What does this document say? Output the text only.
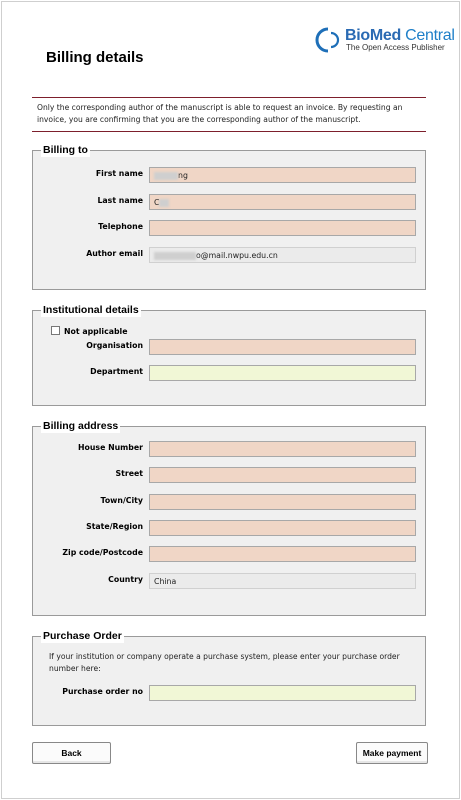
BioMed Central
The Open Access Publisher
Billing details
Only the corresponding author of the manuscript is able to request an invoice. By requesting an invoice, you are confirming that you are the corresponding author of the manuscript.
Billing to
First name	ng
Last name	C
Telephone
Author email	o@mail.nwpu.edu.cn
Institutional details
Not applicable
Organisation
Department
Billing address
House Number
Street
Town/City
State/Region
Zip code/Postcode
Country	China
Purchase Order
If your institution or company operate a purchase system, please enter your purchase order number here:
Purchase order no
Back	Make payment
